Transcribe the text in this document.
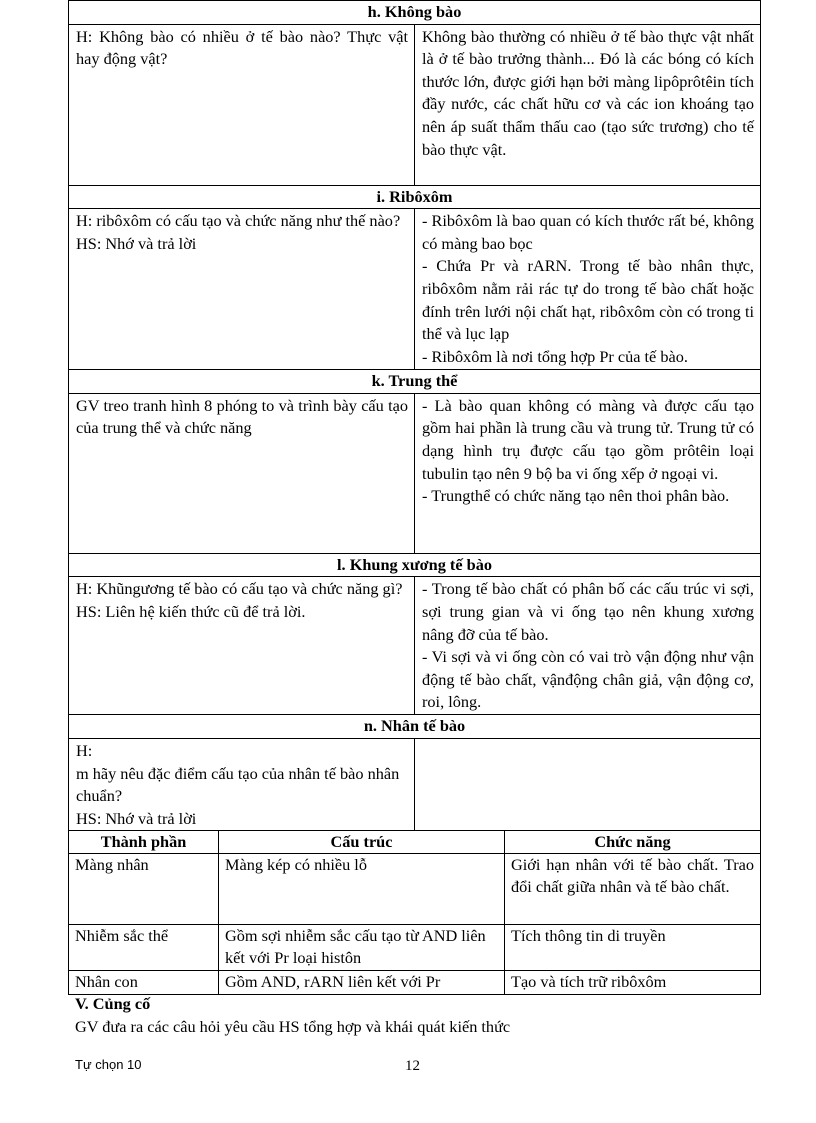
h. Không bào	

H: Không bào có nhiều ở tế bào nào? Thực vật hay động vật?	Không bào thường có nhiều ở tế bào thực vật nhất là ở tế bào trưởng thành... Đó là các bóng có kích thước lớn, được giới hạn bởi màng lipôprôtêin tích đầy nước, các chất hữu cơ và các ion khoáng tạo nên áp suất thẩm thấu cao (tạo sức trương) cho tế bào thực vật.

i. Ribôxôm	

H: ribôxôm có cấu tạo và chức năng như thế nào?
HS: Nhớ và trả lời	- Ribôxôm là bao quan có kích thước rất bé, không có màng bao bọc
- Chứa Pr và rARN. Trong tế bào nhân thực, ribôxôm nằm rải rác tự do trong tế bào chất hoặc đính trên lưới nội chất hạt, ribôxôm còn có trong ti thể và lục lạp
- Ribôxôm là nơi tổng hợp Pr của tế bào.

k. Trung thể	

GV treo tranh hình 8 phóng to và trình bày cấu tạo của trung thể và chức năng	- Là bào quan không có màng và được cấu tạo gồm hai phần là trung cầu và trung tử. Trung tử có dạng hình trụ được cấu tạo gồm prôtêin loại tubulin tạo nên 9 bộ ba vi ống xếp ở ngoại vi.
- Trungthể có chức năng tạo nên thoi phân bào.

l. Khung xương tế bào	

H: Khũngương tế bào có cấu tạo và chức năng gì?
HS: Liên hệ kiến thức cũ để trả lời.	- Trong tế bào chất có phân bố các cấu trúc vi sợi, sợi trung gian và vi ống tạo nên khung xương nâng đỡ của tế bào.
- Vi sợi và vi ống còn có vai trò vận động như vận động tế bào chất, vậnđộng chân giả, vận động cơ, roi, lông.

n. Nhân tế bào	

H:
m hãy nêu đặc điểm cấu tạo của nhân tế bào nhân chuẩn?
HS: Nhớ và trả lời	

Thành phần	Cấu trúc	Chức năng
Màng nhân	Màng kép có nhiều lỗ	Giới hạn nhân với tế bào chất. Trao đổi chất giữa nhân và tế bào chất.
Nhiễm sắc thể	Gồm sợi nhiễm sắc cấu tạo từ AND liên kết với Pr loại histôn	Tích thông tin di truyền
Nhân con	Gồm AND, rARN liên kết với Pr	Tạo và tích trữ ribôxôm
V. Củng cố
GV đưa ra các câu hỏi yêu cầu HS tổng hợp và khái quát kiến thức
Tự chọn 10	12
